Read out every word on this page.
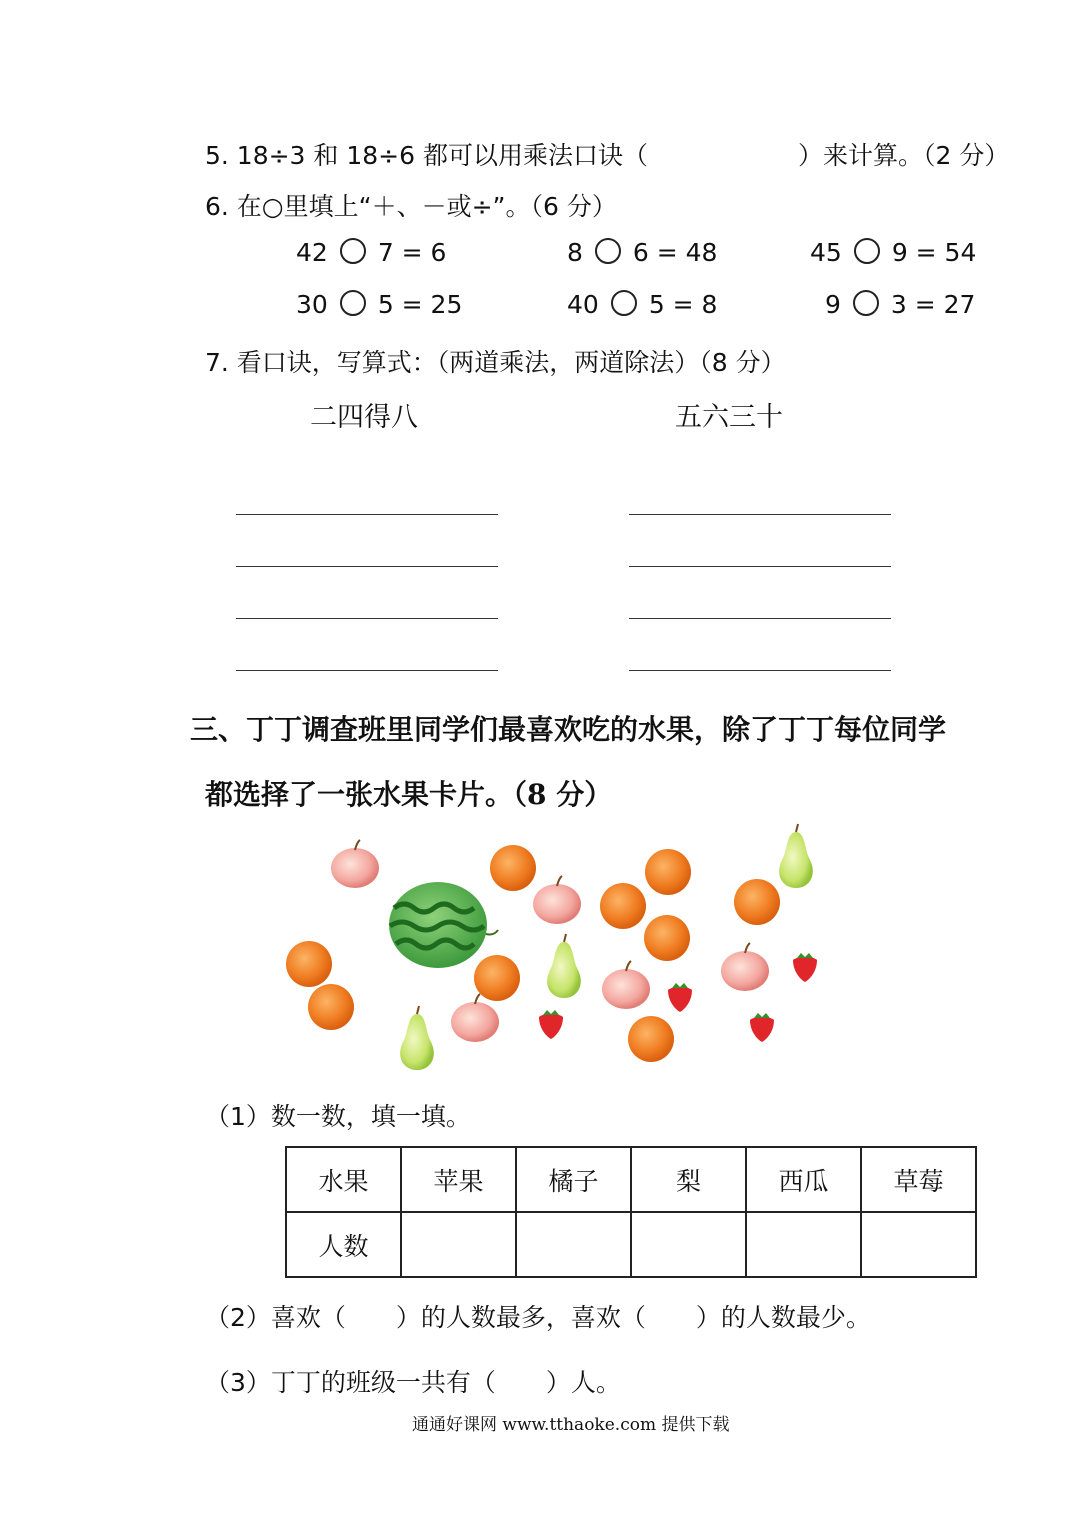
5. 18÷3 和 18÷6 都可以用乘法口诀（	）来计算。（2 分）
6. 在○里填上“＋、－或÷”。（6 分）
42 7 = 6	8 6 = 48	45 9 = 54
30 5 = 25	40 5 = 8	9 3 = 27
7. 看口诀，写算式：（两道乘法，两道除法）（8 分）
二四得八	五六三十
三、丁丁调查班里同学们最喜欢吃的水果，除了丁丁每位同学
都选择了一张水果卡片。（8 分）
（1）数一数，填一填。
水果	苹果	橘子	梨	西瓜	草莓
人数					
（2）喜欢（　　）的人数最多，喜欢（　　）的人数最少。
（3）丁丁的班级一共有（　　）人。
通通好课网 www.tthaoke.com 提供下载
